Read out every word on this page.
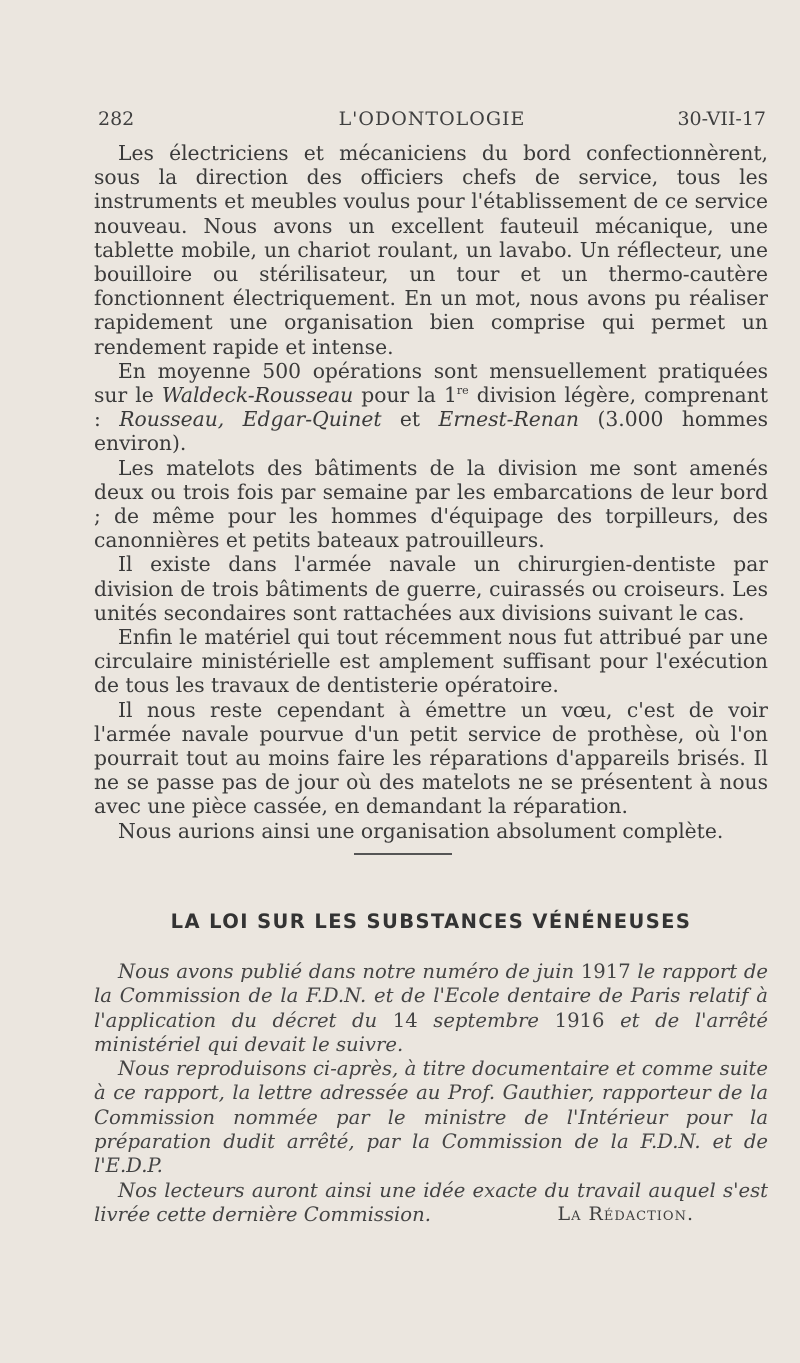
282	L'ODONTOLOGIE	30-VII-17

Les électriciens et mécaniciens du bord confectionnèrent, sous la direction des officiers chefs de service, tous les instruments et meubles voulus pour l'établissement de ce service nouveau. Nous avons un excellent fauteuil mécanique, une tablette mobile, un chariot roulant, un lavabo. Un réflecteur, une bouilloire ou stérilisateur, un tour et un thermo-cautère fonctionnent électriquement. En un mot, nous avons pu réaliser rapidement une organisation bien comprise qui permet un rendement rapide et intense.

En moyenne 500 opérations sont mensuellement pratiquées sur le Waldeck-Rousseau pour la 1re division légère, comprenant : Rousseau, Edgar-Quinet et Ernest-Renan (3.000 hommes environ).

Les matelots des bâtiments de la division me sont amenés deux ou trois fois par semaine par les embarcations de leur bord ; de même pour les hommes d'équipage des torpilleurs, des canonnières et petits bateaux patrouilleurs.

Il existe dans l'armée navale un chirurgien-dentiste par division de trois bâtiments de guerre, cuirassés ou croiseurs. Les unités secondaires sont rattachées aux divisions suivant le cas.

Enfin le matériel qui tout récemment nous fut attribué par une circulaire ministérielle est amplement suffisant pour l'exécution de tous les travaux de dentisterie opératoire.

Il nous reste cependant à émettre un vœu, c'est de voir l'armée navale pourvue d'un petit service de prothèse, où l'on pourrait tout au moins faire les réparations d'appareils brisés. Il ne se passe pas de jour où des matelots ne se présentent à nous avec une pièce cassée, en demandant la réparation.

Nous aurions ainsi une organisation absolument complète.

LA LOI SUR LES SUBSTANCES VÉNÉNEUSES

Nous avons publié dans notre numéro de juin 1917 le rapport de la Commission de la F.D.N. et de l'Ecole dentaire de Paris relatif à l'application du décret du 14 septembre 1916 et de l'arrêté ministériel qui devait le suivre.

Nous reproduisons ci-après, à titre documentaire et comme suite à ce rapport, la lettre adressée au Prof. Gauthier, rapporteur de la Commission nommée par le ministre de l'Intérieur pour la préparation dudit arrêté, par la Commission de la F.D.N. et de l'E.D.P.

Nos lecteurs auront ainsi une idée exacte du travail auquel s'est livrée cette dernière Commission.	La Rédaction.
